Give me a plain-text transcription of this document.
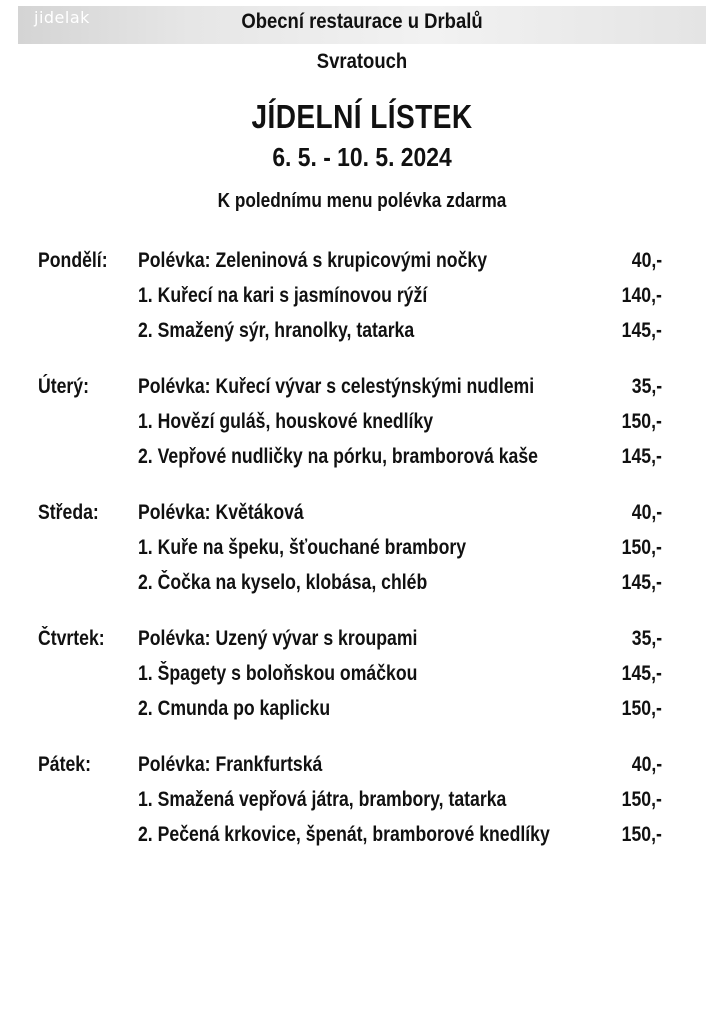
jidelak	Obecní restaurace u Drbalů
Svratouch
JÍDELNÍ LÍSTEK
6. 5. - 10. 5. 2024
K polednímu menu polévka zdarma
Pondělí: Polévka: Zeleninová s krupicovými nočky	40,-
1. Kuřecí na kari s jasmínovou rýží	140,-
2. Smažený sýr, hranolky, tatarka	145,-
Úterý: Polévka: Kuřecí vývar s celestýnskými nudlemi	35,-
1. Hovězí guláš, houskové knedlíky	150,-
2. Vepřové nudličky na pórku, bramborová kaše	145,-
Středa: Polévka: Květáková	40,-
1. Kuře na špeku, šťouchané brambory	150,-
2. Čočka na kyselo, klobása, chléb	145,-
Čtvrtek: Polévka: Uzený vývar s kroupami	35,-
1. Špagety s boloňskou omáčkou	145,-
2. Cmunda po kaplicku	150,-
Pátek: Polévka: Frankfurtská	40,-
1. Smažená vepřová játra, brambory, tatarka	150,-
2. Pečená krkovice, špenát, bramborové knedlíky	150,-
